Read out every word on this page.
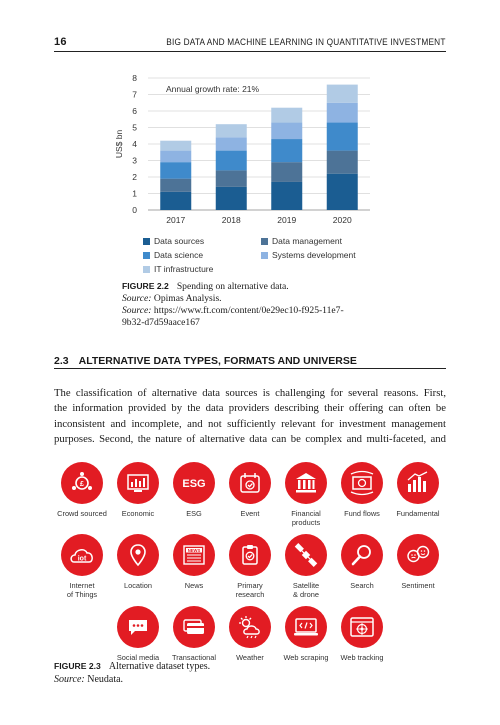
16	BIG DATA AND MACHINE LEARNING IN QUANTITATIVE INVESTMENT
0
1
2
3
4
5
6
7
8
US$ bn
2017	2018	2019	2020
Annual growth rate: 21%
Data sources	Data management
Data science	Systems development
IT infrastructure
FIGURE 2.2 Spending on alternative data.
Source: Opimas Analysis.
Source: https://www.ft.com/content/0e29ec10-f925-11e7-
9b32-d7d59aace167
2.3 ALTERNATIVE DATA TYPES, FORMATS AND UNIVERSE
The classification of alternative data sources is challenging for several reasons. First,
the information provided by the data providers describing their offering can often be
inconsistent and incomplete, and not sufficiently relevant for investment management
purposes. Second, the nature of alternative data can be complex and multi-faceted, and
£
Crowd sourced	Economic
ESG
ESG	Event	Financial
products
Fund flows	Fundamental
iot
Internet
of Things
Location
NEWS
News	Primary
research
Satellite
& drone
Search	Sentiment
Social media	Transactional	Weather	Web scraping	Web tracking
FIGURE 2.3 Alternative dataset types.
Source: Neudata.
